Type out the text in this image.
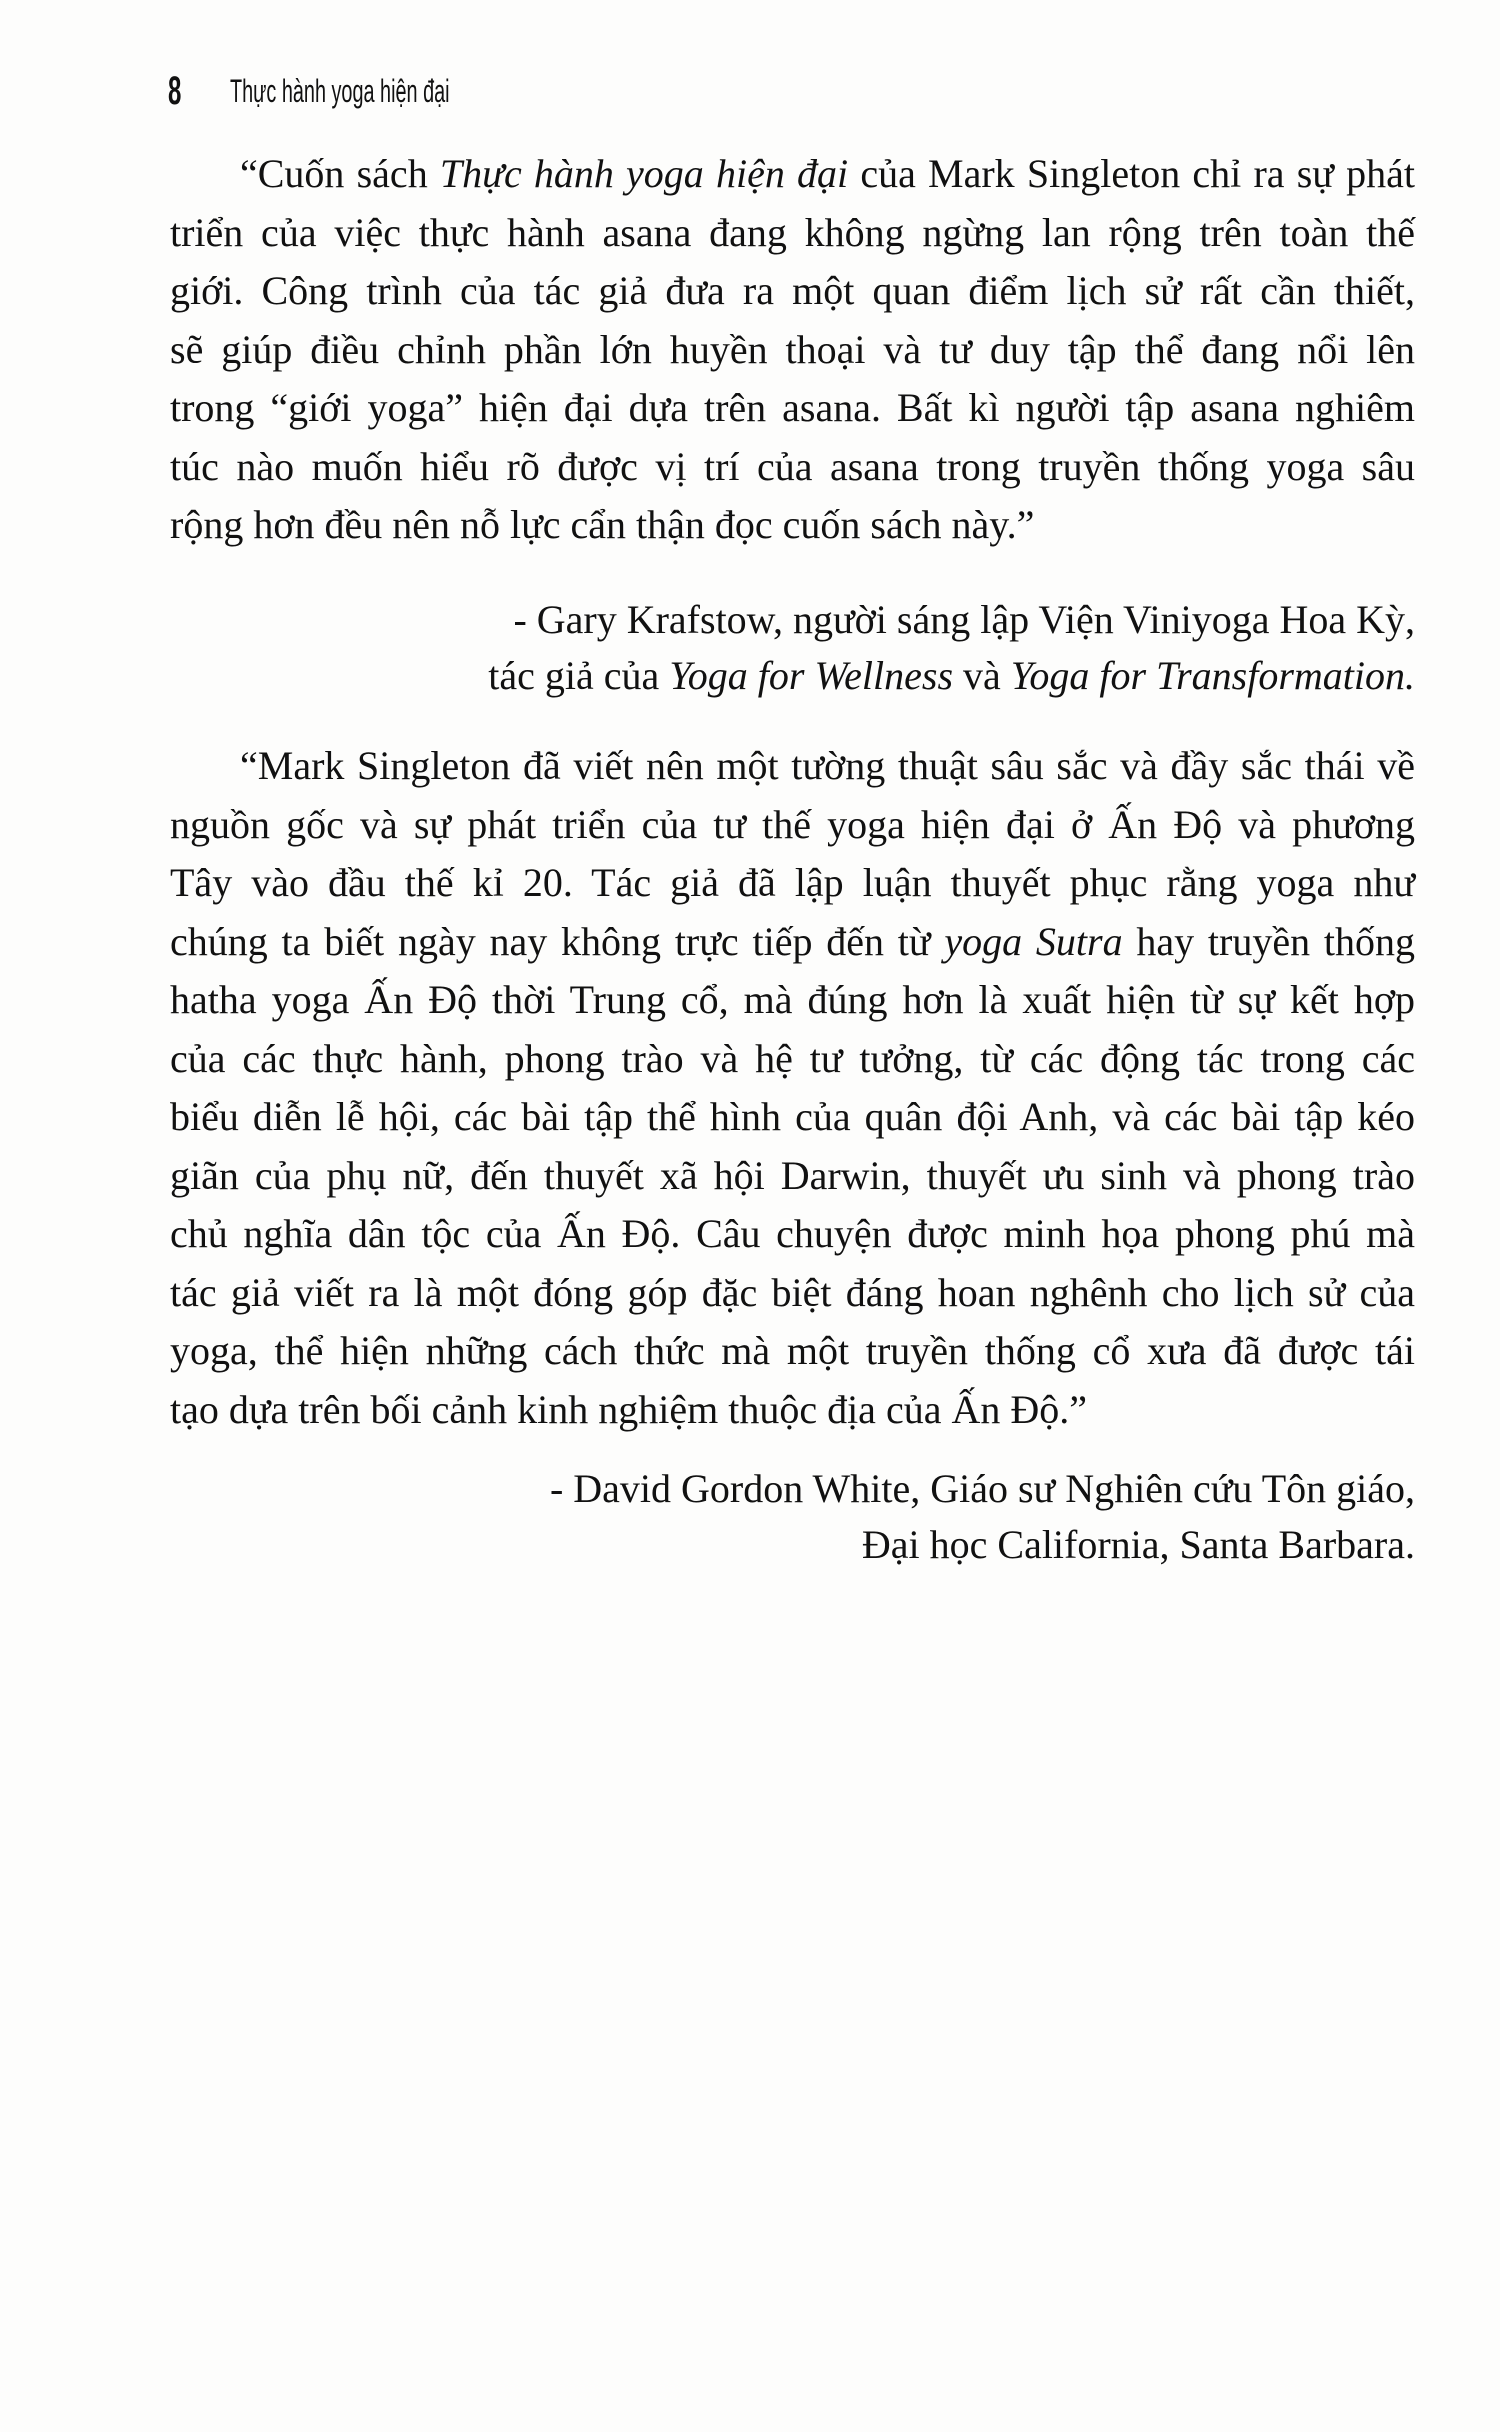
8	Thực hành yoga hiện đại
“Cuốn sách Thực hành yoga hiện đại của Mark Singleton chỉ ra sự phát
triển của việc thực hành asana đang không ngừng lan rộng trên toàn thế
giới. Công trình của tác giả đưa ra một quan điểm lịch sử rất cần thiết,
sẽ giúp điều chỉnh phần lớn huyền thoại và tư duy tập thể đang nổi lên
trong “giới yoga” hiện đại dựa trên asana. Bất kì người tập asana nghiêm
túc nào muốn hiểu rõ được vị trí của asana trong truyền thống yoga sâu
rộng hơn đều nên nỗ lực cẩn thận đọc cuốn sách này.”
- Gary Krafstow, người sáng lập Viện Viniyoga Hoa Kỳ,
tác giả của Yoga for Wellness và Yoga for Transformation.
“Mark Singleton đã viết nên một tường thuật sâu sắc và đầy sắc thái về
nguồn gốc và sự phát triển của tư thế yoga hiện đại ở Ấn Độ và phương
Tây vào đầu thế kỉ 20. Tác giả đã lập luận thuyết phục rằng yoga như
chúng ta biết ngày nay không trực tiếp đến từ yoga Sutra hay truyền thống
hatha yoga Ấn Độ thời Trung cổ, mà đúng hơn là xuất hiện từ sự kết hợp
của các thực hành, phong trào và hệ tư tưởng, từ các động tác trong các
biểu diễn lễ hội, các bài tập thể hình của quân đội Anh, và các bài tập kéo
giãn của phụ nữ, đến thuyết xã hội Darwin, thuyết ưu sinh và phong trào
chủ nghĩa dân tộc của Ấn Độ. Câu chuyện được minh họa phong phú mà
tác giả viết ra là một đóng góp đặc biệt đáng hoan nghênh cho lịch sử của
yoga, thể hiện những cách thức mà một truyền thống cổ xưa đã được tái
tạo dựa trên bối cảnh kinh nghiệm thuộc địa của Ấn Độ.”
- David Gordon White, Giáo sư Nghiên cứu Tôn giáo,
Đại học California, Santa Barbara.
